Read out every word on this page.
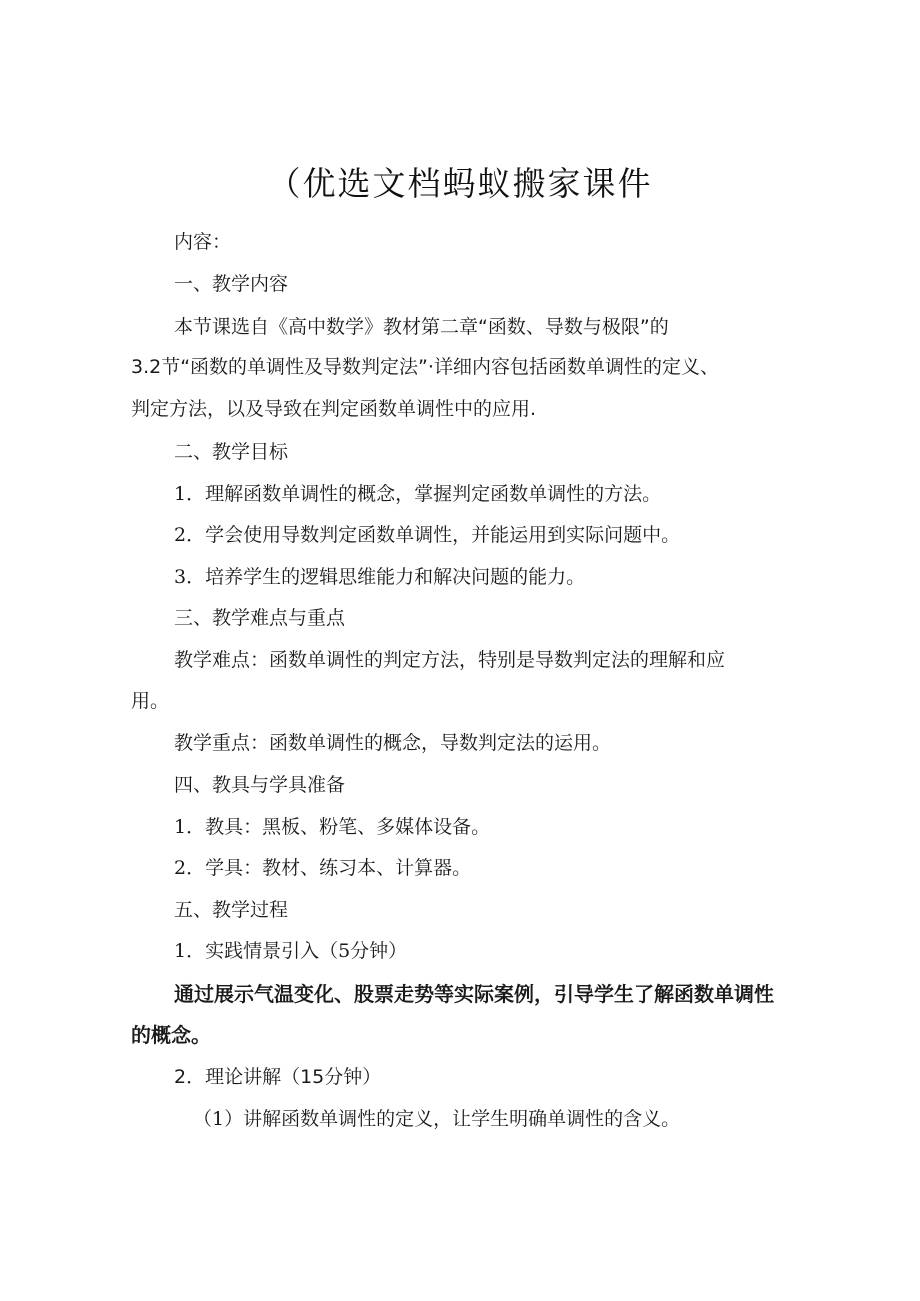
（优选文档蚂蚁搬家课件
内容：
一、教学内容
本节课选自《高中数学》教材第二章“函数、导数与极限”的
3.2节“函数的单调性及导数判定法”·详细内容包括函数单调性的定义、
判定方法，以及导致在判定函数单调性中的应用.
二、教学目标
1．理解函数单调性的概念，掌握判定函数单调性的方法。
2．学会使用导数判定函数单调性，并能运用到实际问题中。
3．培养学生的逻辑思维能力和解决问题的能力。
三、教学难点与重点
教学难点：函数单调性的判定方法，特别是导数判定法的理解和应
用。
教学重点：函数单调性的概念，导数判定法的运用。
四、教具与学具准备
1．教具：黑板、粉笔、多媒体设备。
2．学具：教材、练习本、计算器。
五、教学过程
1．实践情景引入（5分钟）
通过展示气温变化、股票走势等实际案例，引导学生了解函数单调性
的概念。
2．理论讲解（15分钟）
（1）讲解函数单调性的定义，让学生明确单调性的含义。
